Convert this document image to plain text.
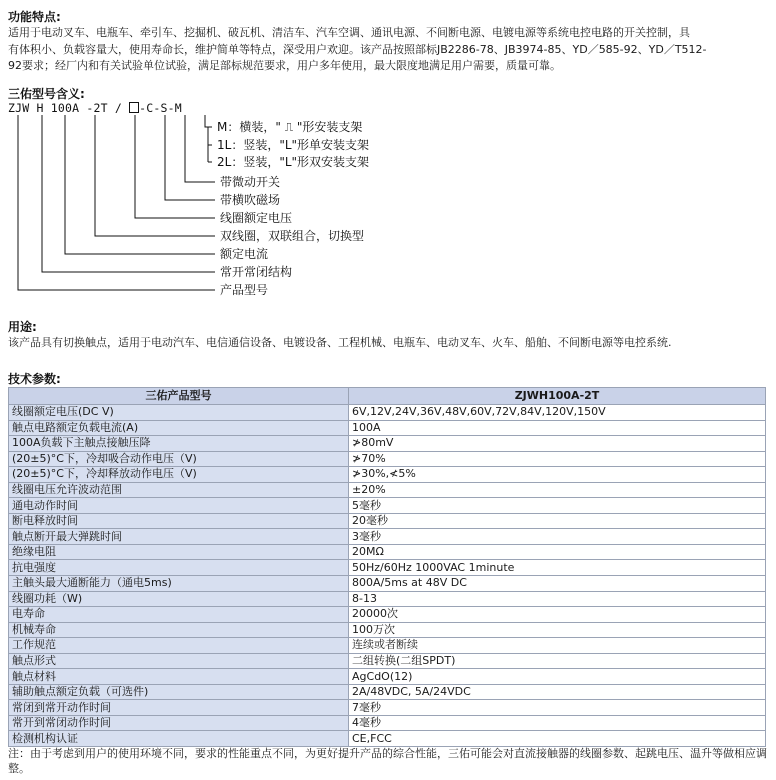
功能特点:
适用于电动叉车、电瓶车、牵引车、挖掘机、破瓦机、清洁车、汽车空调、通讯电源、不间断电源、电镀电源等系统电控电路的开关控制，具
有体积小、负载容量大，使用寿命长，维护简单等特点，深受用户欢迎。该产品按照部标JB2286-78、JB3974-85、YD／585-92、YD／T512-
92要求；经厂内和有关试验单位试验，满足部标规范要求，用户多年使用，最大限度地满足用户需要，质量可靠。
三佑型号含义:
ZJW H 100A -2T / -C-S-M
M：横装，" ⎍ "形安装支架
1L：竖装，"L"形单安装支架
2L：竖装，"L"形双安装支架
带微动开关
带横吹磁场
线圈额定电压
双线圈，双联组合，切换型
额定电流
常开常闭结构
产品型号
用途:
该产品具有切换触点，适用于电动汽车、电信通信设备、电镀设备、工程机械、电瓶车、电动叉车、火车、船舶、不间断电源等电控系统.
技术参数:
三佑产品型号	ZJWH100A-2T
线圈额定电压(DC V)	6V,12V,24V,36V,48V,60V,72V,84V,120V,150V
触点电路额定负载电流(A)	100A
100A负载下主触点接触压降	≯80mV
(20±5)°C下，冷却吸合动作电压（V)	≯70%
(20±5)°C下，冷却释放动作电压（V)	≯30%,≮5%
线圈电压允许波动范围	±20%
通电动作时间	5毫秒
断电释放时间	20毫秒
触点断开最大弹跳时间	3毫秒
绝缘电阻	20MΩ
抗电强度	50Hz/60Hz 1000VAC 1minute
主触头最大通断能力（通电5ms)	800A/5ms at 48V DC
线圈功耗（W)	8-13
电寿命	20000次
机械寿命	100万次
工作规范	连续或者断续
触点形式	二组转换(二组SPDT)
触点材料	AgCdO(12)
辅助触点额定负载（可选件)	2A/48VDC, 5A/24VDC
常闭到常开动作时间	7毫秒
常开到常闭动作时间	4毫秒
检测机构认证	CE,FCC
注：由于考虑到用户的使用环境不同，要求的性能重点不同，为更好提升产品的综合性能，三佑可能会对直流接触器的线圈参数、起跳电压、温升等做相应调整。
